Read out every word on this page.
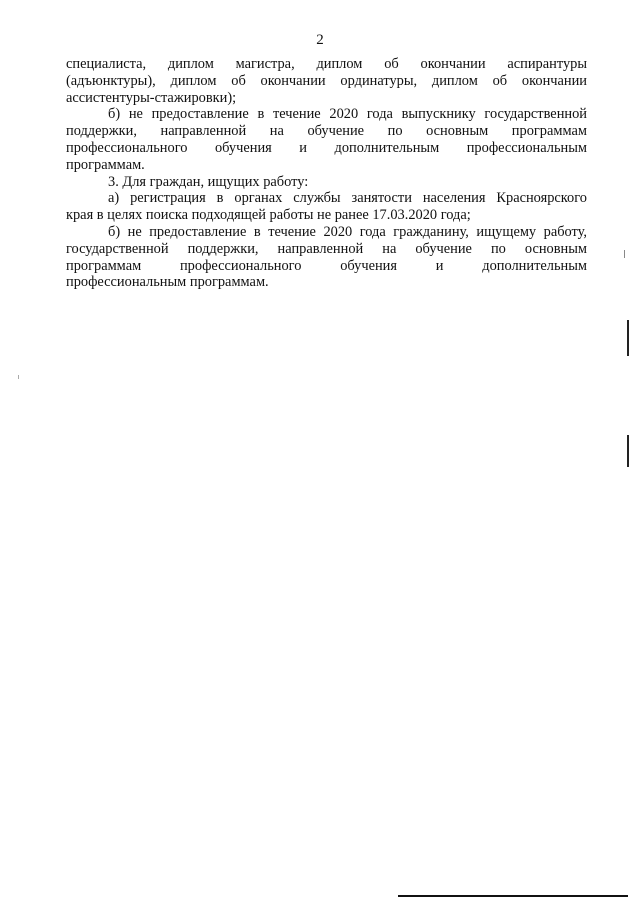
2
специалиста, диплом магистра, диплом об окончании аспирантуры
(адъюнктуры), диплом об окончании ординатуры, диплом об окончании
ассистентуры-стажировки);
б) не предоставление в течение 2020 года выпускнику государственной
поддержки, направленной на обучение по основным программам
профессионального обучения и дополнительным профессиональным
программам.
3. Для граждан, ищущих работу:
а) регистрация в органах службы занятости населения Красноярского
края в целях поиска подходящей работы не ранее 17.03.2020 года;
б) не предоставление в течение 2020 года гражданину, ищущему работу,
государственной поддержки, направленной на обучение по основным
программам профессионального обучения и дополнительным
профессиональным программам.
